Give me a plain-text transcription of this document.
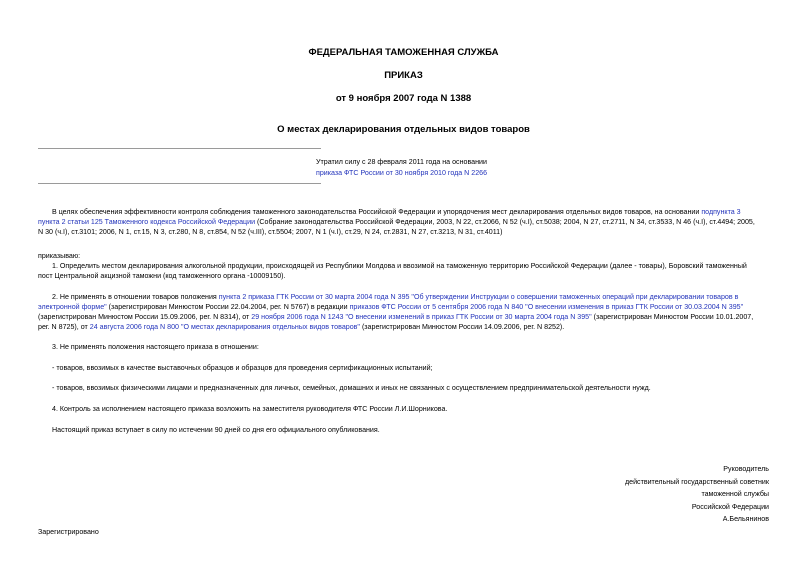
ФЕДЕРАЛЬНАЯ ТАМОЖЕННАЯ СЛУЖБА
ПРИКАЗ
от 9 ноября 2007 года N 1388
О местах декларирования отдельных видов товаров
Утратил силу с 28 февраля 2011 года на основании
приказа ФТС России от 30 ноября 2010 года N 2266
В целях обеспечения эффективности контроля соблюдения таможенного законодательства Российской Федерации и упорядочения мест декларирования отдельных видов товаров, на основании подпункта 3
пункта 2 статьи 125 Таможенного кодекса Российской Федерации (Собрание законодательства Российской Федерации, 2003, N 22, ст.2066, N 52 (ч.I), ст.5038; 2004, N 27, ст.2711, N 34, ст.3533, N 46 (ч.I), ст.4494; 2005,
N 30 (ч.I), ст.3101; 2006, N 1, ст.15, N 3, ст.280, N 8, ст.854, N 52 (ч.III), ст.5504; 2007, N 1 (ч.I), ст.29, N 24, ст.2831, N 27, ст.3213, N 31, ст.4011)
приказываю:
1. Определить местом декларирования алкогольной продукции, происходящей из Республики Молдова и ввозимой на таможенную территорию Российской Федерации (далее - товары), Боровский таможенный
пост Центральной акцизной таможни (код таможенного органа -10009150).
2. Не применять в отношении товаров положения пункта 2 приказа ГТК России от 30 марта 2004 года N 395 "Об утверждении Инструкции о совершении таможенных операций при декларировании товаров в
электронной форме" (зарегистрирован Минюстом России 22.04.2004, рег. N 5767) в редакции приказов ФТС России от 5 сентября 2006 года N 840 "О внесении изменения в приказ ГТК России от 30.03.2004 N 395"
(зарегистрирован Минюстом России 15.09.2006, рег. N 8314), от 29 ноября 2006 года N 1243 "О внесении изменений в приказ ГТК России от 30 марта 2004 года N 395" (зарегистрирован Минюстом России 10.01.2007,
рег. N 8725), от 24 августа 2006 года N 800 "О местах декларирования отдельных видов товаров" (зарегистрирован Минюстом России 14.09.2006, рег. N 8252).
3. Не применять положения настоящего приказа в отношении:
- товаров, ввозимых в качестве выставочных образцов и образцов для проведения сертификационных испытаний;
- товаров, ввозимых физическими лицами и предназначенных для личных, семейных, домашних и иных не связанных с осуществлением предпринимательской деятельности нужд.
4. Контроль за исполнением настоящего приказа возложить на заместителя руководителя ФТС России Л.И.Шорникова.
Настоящий приказ вступает в силу по истечении 90 дней со дня его официального опубликования.
Руководитель
действительный государственный советник
таможенной службы
Российской Федерации
А.Бельянинов
Зарегистрировано
